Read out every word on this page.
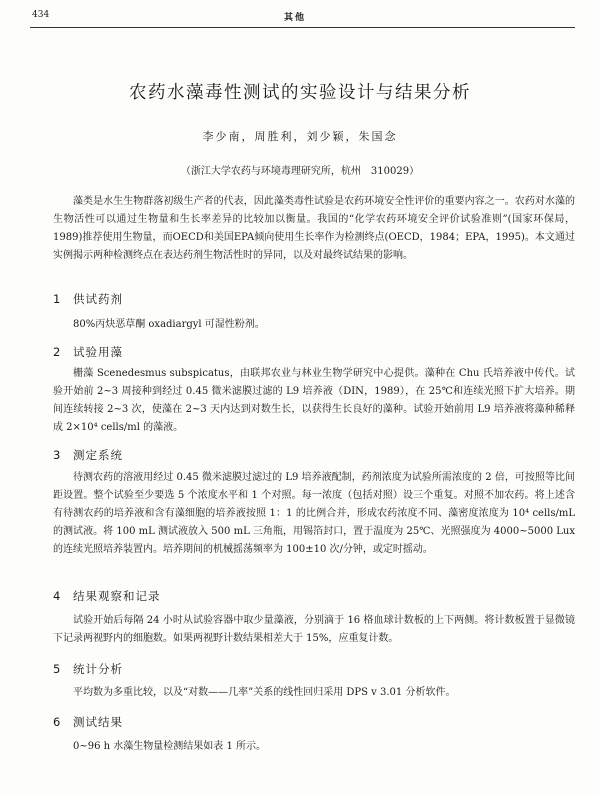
434	其他
农药水藻毒性测试的实验设计与结果分析
李少南，周胜利，刘少颖，朱国念
（浙江大学农药与环境毒理研究所，杭州　310029）

藻类是水生生物群落初级生产者的代表，因此藻类毒性试验是农药环境安全性评价的重要内容之一。农药对水藻的生物活性可以通过生物量和生长率差异的比较加以衡量。我国的“化学农药环境安全评价试验准则”(国家环保局，1989)推荐使用生物量，而OECD和美国EPA倾向使用生长率作为检测终点(OECD，1984；EPA，1995)。本文通过实例揭示两种检测终点在表达药剂生物活性时的异同，以及对最终试结果的影响。

1 供试药剂

80%丙炔恶草酮 oxadiargyl 可湿性粉剂。

2 试验用藻

栅藻 Scenedesmus subspicatus，由联邦农业与林业生物学研究中心提供。藻种在 Chu 氏培养液中传代。试验开始前 2~3 周接种到经过 0.45 微米滤膜过滤的 L9 培养液（DIN，1989），在 25℃和连续光照下扩大培养。期间连续转接 2~3 次，使藻在 2~3 天内达到对数生长，以获得生长良好的藻种。试验开始前用 L9 培养液将藻种稀释成 2×10⁴ cells/ml 的藻液。

3 测定系统

待测农药的溶液用经过 0.45 微米滤膜过滤过的 L9 培养液配制，药剂浓度为试验所需浓度的 2 倍，可按照等比间距设置。整个试验至少要选 5 个浓度水平和 1 个对照。每一浓度（包括对照）设三个重复。对照不加农药。将上述含有待测农药的培养液和含有藻细胞的培养液按照 1：1 的比例合并，形成农药浓度不同、藻密度浓度为 10⁴ cells/mL 的测试液。将 100 mL 测试液放入 500 mL 三角瓶，用锡箔封口，置于温度为 25℃、光照强度为 4000~5000 Lux 的连续光照培养装置内。培养期间的机械摇荡频率为 100±10 次/分钟，或定时摇动。

4 结果观察和记录

试验开始后每隔 24 小时从试验容器中取少量藻液，分别滴于 16 格血球计数板的上下两侧。将计数板置于显微镜下记录两视野内的细胞数。如果两视野计数结果相差大于 15%，应重复计数。

5 统计分析

平均数为多重比较，以及“对数——几率”关系的线性回归采用 DPS v 3.01 分析软件。

6 测试结果

0~96 h 水藻生物量检测结果如表 1 所示。
